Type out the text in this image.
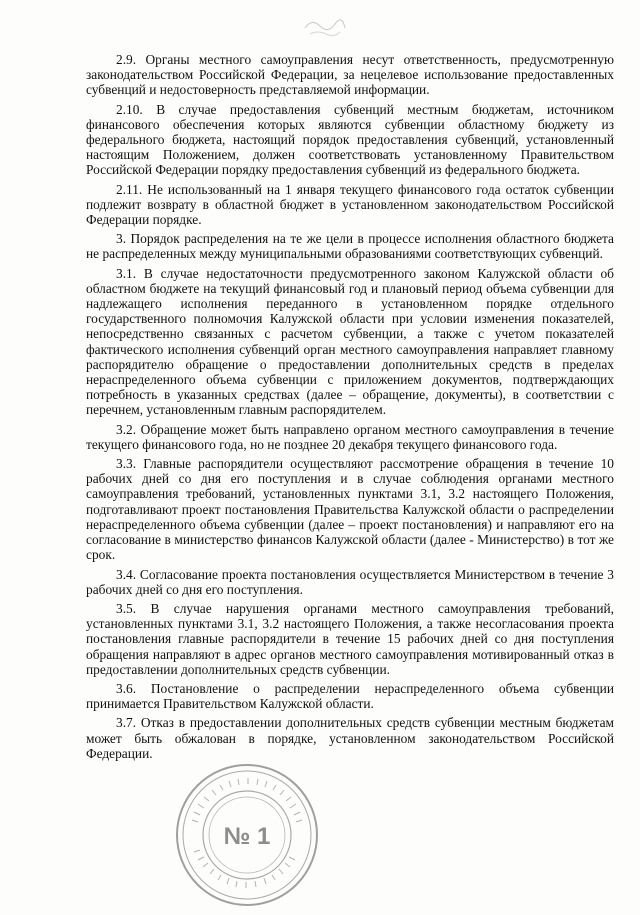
2.9. Органы местного самоуправления несут ответственность, предусмотренную законодательством Российской Федерации, за нецелевое использование предоставленных субвенций и недостоверность представляемой информации.

2.10. В случае предоставления субвенций местным бюджетам, источником финансового обеспечения которых являются субвенции областному бюджету из федерального бюджета, настоящий порядок предоставления субвенций, установленный настоящим Положением, должен соответствовать установленному Правительством Российской Федерации порядку предоставления субвенций из федерального бюджета.

2.11. Не использованный на 1 января текущего финансового года остаток субвенции подлежит возврату в областной бюджет в установленном законодательством Российской Федерации порядке.

3. Порядок распределения на те же цели в процессе исполнения областного бюджета не распределенных между муниципальными образованиями соответствующих субвенций.

3.1. В случае недостаточности предусмотренного законом Калужской области об областном бюджете на текущий финансовый год и плановый период объема субвенции для надлежащего исполнения переданного в установленном порядке отдельного государственного полномочия Калужской области при условии изменения показателей, непосредственно связанных с расчетом субвенции, а также с учетом показателей фактического исполнения субвенций орган местного самоуправления направляет главному распорядителю обращение о предоставлении дополнительных средств в пределах нераспределенного объема субвенции с приложением документов, подтверждающих потребность в указанных средствах (далее – обращение, документы), в соответствии с перечнем, установленным главным распорядителем.

3.2. Обращение может быть направлено органом местного самоуправления в течение текущего финансового года, но не позднее 20 декабря текущего финансового года.

3.3. Главные распорядители осуществляют рассмотрение обращения в течение 10 рабочих дней со дня его поступления и в случае соблюдения органами местного самоуправления требований, установленных пунктами 3.1, 3.2 настоящего Положения, подготавливают проект постановления Правительства Калужской области о распределении нераспределенного объема субвенции (далее – проект постановления) и направляют его на согласование в министерство финансов Калужской области (далее - Министерство) в тот же срок.

3.4. Согласование проекта постановления осуществляется Министерством в течение 3 рабочих дней со дня его поступления.

3.5. В случае нарушения органами местного самоуправления требований, установленных пунктами 3.1, 3.2 настоящего Положения, а также несогласования проекта постановления главные распорядители в течение 15 рабочих дней со дня поступления обращения направляют в адрес органов местного самоуправления мотивированный отказ в предоставлении дополнительных средств субвенции.

3.6. Постановление о распределении нераспределенного объема субвенции принимается Правительством Калужской области.

3.7. Отказ в предоставлении дополнительных средств субвенции местным бюджетам может быть обжалован в порядке, установленном законодательством Российской Федерации.

№ 1
